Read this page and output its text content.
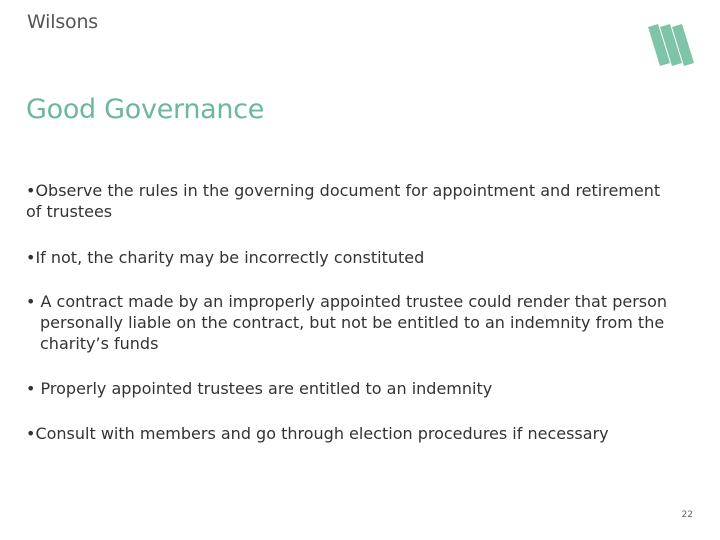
Wilsons
Good Governance
•Observe the rules in the governing document for appointment and retirement of trustees
•If not, the charity may be incorrectly constituted
• A contract made by an improperly appointed trustee could render that person personally liable on the contract, but not be entitled to an indemnity from the charity’s funds
• Properly appointed trustees are entitled to an indemnity
•Consult with members and go through election procedures if necessary
22
